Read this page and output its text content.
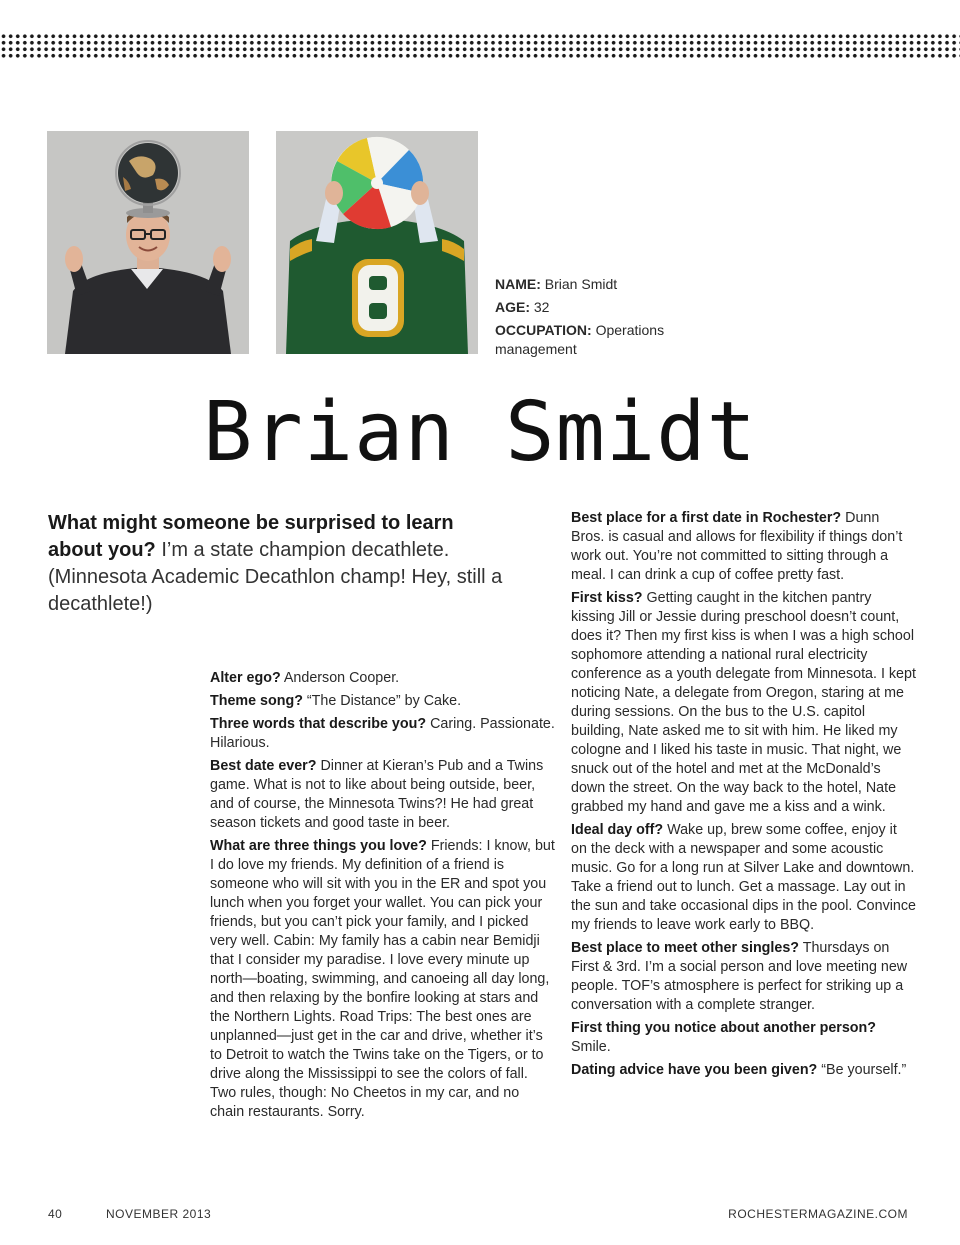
NAME: Brian Smidt
AGE: 32
OCCUPATION: Operations management
Brian Smidt
What might someone be surprised to learn about you? I’m a state champion decathlete. (Minnesota Academic Decathlon champ! Hey, still a decathlete!)

Alter ego? Anderson Cooper.

Theme song? “The Distance” by Cake.

Three words that describe you? Caring. Passionate. Hilarious.

Best date ever? Dinner at Kieran’s Pub and a Twins game. What is not to like about being outside, beer, and of course, the Minnesota Twins?! He had great season tickets and good taste in beer.

What are three things you love? Friends: I know, but I do love my friends. My definition of a friend is someone who will sit with you in the ER and spot you lunch when you forget your wallet. You can pick your friends, but you can’t pick your family, and I picked very well. Cabin: My family has a cabin near Bemidji that I consider my paradise. I love every minute up north—boating, swimming, and canoeing all day long, and then relaxing by the bonfire looking at stars and the Northern Lights. Road Trips: The best ones are unplanned—just get in the car and drive, whether it’s to Detroit to watch the Twins take on the Tigers, or to drive along the Mississippi to see the colors of fall. Two rules, though: No Cheetos in my car, and no chain restaurants. Sorry.

Best place for a first date in Rochester? Dunn Bros. is casual and allows for flexibility if things don’t work out. You’re not committed to sitting through a meal. I can drink a cup of coffee pretty fast.

First kiss? Getting caught in the kitchen pantry kissing Jill or Jessie during preschool doesn’t count, does it? Then my first kiss is when I was a high school sophomore attending a national rural electricity conference as a youth delegate from Minnesota. I kept noticing Nate, a delegate from Oregon, staring at me during sessions. On the bus to the U.S. capitol building, Nate asked me to sit with him. He liked my cologne and I liked his taste in music. That night, we snuck out of the hotel and met at the McDonald’s down the street. On the way back to the hotel, Nate grabbed my hand and gave me a kiss and a wink.

Ideal day off? Wake up, brew some coffee, enjoy it on the deck with a newspaper and some acoustic music. Go for a long run at Silver Lake and downtown. Take a friend out to lunch. Get a massage. Lay out in the sun and take occasional dips in the pool. Convince my friends to leave work early to BBQ.

Best place to meet other singles? Thursdays on First & 3rd. I’m a social person and love meeting new people. TOF’s atmosphere is perfect for striking up a conversation with a complete stranger.

First thing you notice about another person? Smile.

Dating advice have you been given? “Be yourself.”

40	NOVEMBER 2013	ROCHESTERMAGAZINE.COM
